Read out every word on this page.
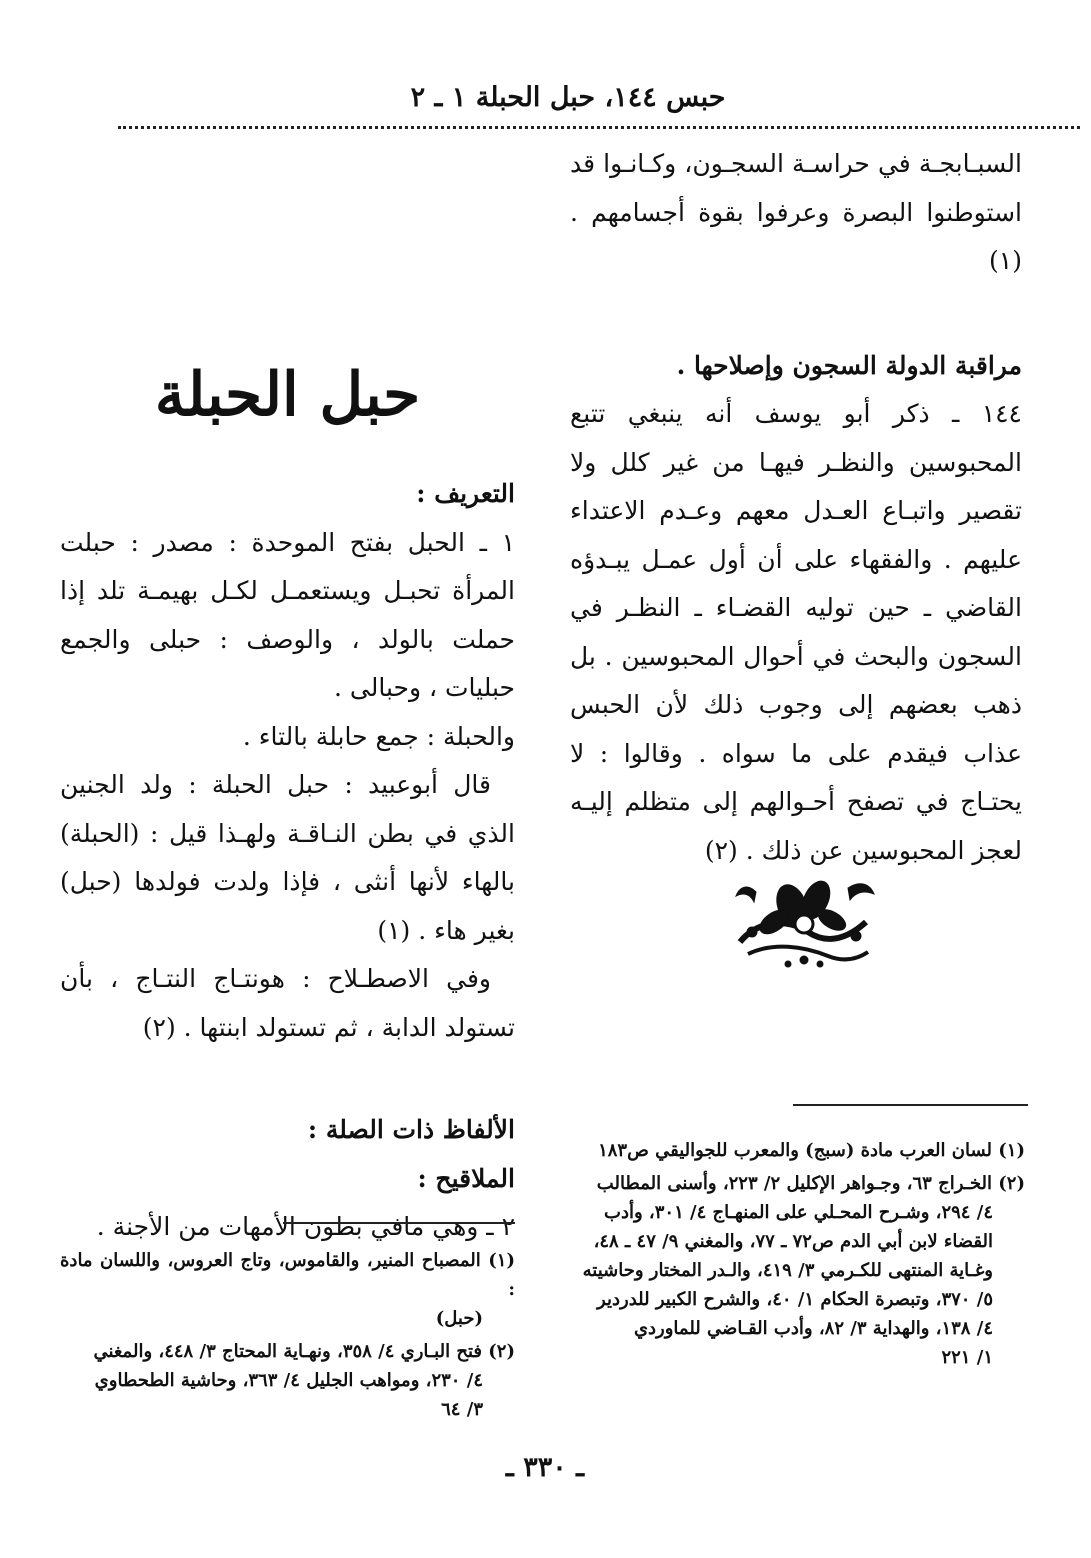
حبس ١٤٤، حبل الحبلة ١ ـ ٢

السبـابجـة في حراسـة السجـون، وكـانـوا قد استوطنوا البصرة وعرفوا بقوة أجسامهم . (١)

مراقبة الدولة السجون وإصلاحها .

١٤٤ ـ ذكر أبو يوسف أنه ينبغي تتبع المحبوسين والنظـر فيهـا من غير كلل ولا تقصير واتبـاع العـدل معهم وعـدم الاعتداء عليهم . والفقهاء على أن أول عمـل يبـدؤه القاضي ـ حين توليه القضـاء ـ النظـر في السجون والبحث في أحوال المحبوسين . بل ذهب بعضهم إلى وجوب ذلك لأن الحبس عذاب فيقدم على ما سواه . وقالوا : لا يحتـاج في تصفح أحـوالهم إلى متظلم إليـه لعجز المحبوسين عن ذلك . (٢)

حبل الحبلة

التعريف :

١ ـ الحبل بفتح الموحدة : مصدر : حبلت المرأة تحبـل ويستعمـل لكـل بهيمـة تلد إذا حملت بالولد ، والوصف : حبلى والجمع حبليات ، وحبالى .

والحبلة : جمع حابلة بالتاء .

قال أبوعبيد : حبل الحبلة : ولد الجنين الذي في بطن النـاقـة ولهـذا قيل : (الحبلة) بالهاء لأنها أنثى ، فإذا ولدت فولدها (حبل) بغير هاء . (١)

وفي الاصطـلاح : هونتـاج النتـاج ، بأن تستولد الدابة ، ثم تستولد ابنتها . (٢)

الألفاظ ذات الصلة :

الملاقيح :

٢ ـ وهي مافي بطون الأمهات من الأجنة .

(١) لسان العرب مادة (سبج) والمعرب للجواليقي ص١٨٣
(٢) الخـراج ٦٣، وجـواهر الإكليل ٢/ ٢٢٣، وأسنى المطالب
٤/ ٢٩٤، وشـرح المحـلي على المنهـاج ٤/ ٣٠١، وأدب
القضاء لابن أبي الدم ص٧٢ ـ ٧٧، والمغني ٩/ ٤٧ ـ ٤٨،
وغـاية المنتهى للكـرمي ٣/ ٤١٩، والـدر المختار وحاشيته
٥/ ٣٧٠، وتبصرة الحكام ١/ ٤٠، والشرح الكبير للدردير
٤/ ١٣٨، والهداية ٣/ ٨٢، وأدب القـاضي للماوردي
١/ ٢٢١
(١) المصباح المنير، والقاموس، وتاج العروس، واللسان مادة :
(حبل)
(٢) فتح البـاري ٤/ ٣٥٨، ونهـاية المحتاج ٣/ ٤٤٨، والمغني
٤/ ٢٣٠، ومواهب الجليل ٤/ ٣٦٣، وحاشية الطحطاوي
٣/ ٦٤
ـ ٣٣٠ ـ
